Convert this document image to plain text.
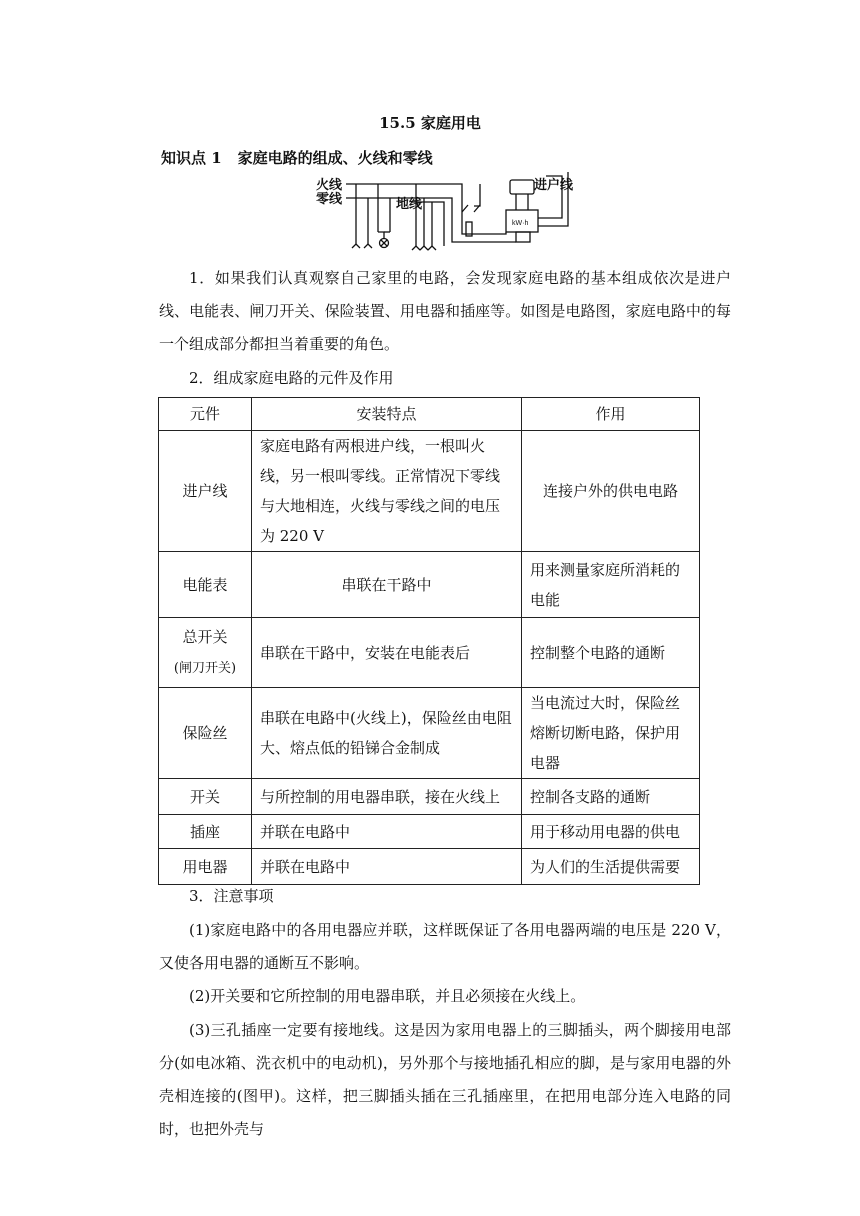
15.5 家庭用电
知识点 1 家庭电路的组成、火线和零线
火线
零线
进户线
地线
kW·h

1．如果我们认真观察自己家里的电路，会发现家庭电路的基本组成依次是进户线、电能表、闸刀开关、保险装置、用电器和插座等。如图是电路图，家庭电路中的每一个组成部分都担当着重要的角色。

2．组成家庭电路的元件及作用

元件	安装特点	作用
进户线	家庭电路有两根进户线，一根叫火线，另一根叫零线。正常情况下零线与大地相连，火线与零线之间的电压为 220 V	连接户外的供电电路
电能表	串联在干路中	用来测量家庭所消耗的电能
总开关
(闸刀开关)	串联在干路中，安装在电能表后	控制整个电路的通断
保险丝	串联在电路中(火线上)，保险丝由电阻大、熔点低的铅锑合金制成	当电流过大时，保险丝熔断切断电路，保护用电器
开关	与所控制的用电器串联，接在火线上	控制各支路的通断
插座	并联在电路中	用于移动用电器的供电
用电器	并联在电路中	为人们的生活提供需要

3．注意事项

(1)家庭电路中的各用电器应并联，这样既保证了各用电器两端的电压是 220 V，又使各用电器的通断互不影响。

(2)开关要和它所控制的用电器串联，并且必须接在火线上。

(3)三孔插座一定要有接地线。这是因为家用电器上的三脚插头，两个脚接用电部分(如电冰箱、洗衣机中的电动机)，另外那个与接地插孔相应的脚，是与家用电器的外壳相连接的(图甲)。这样，把三脚插头插在三孔插座里，在把用电部分连入电路的同时，也把外壳与
